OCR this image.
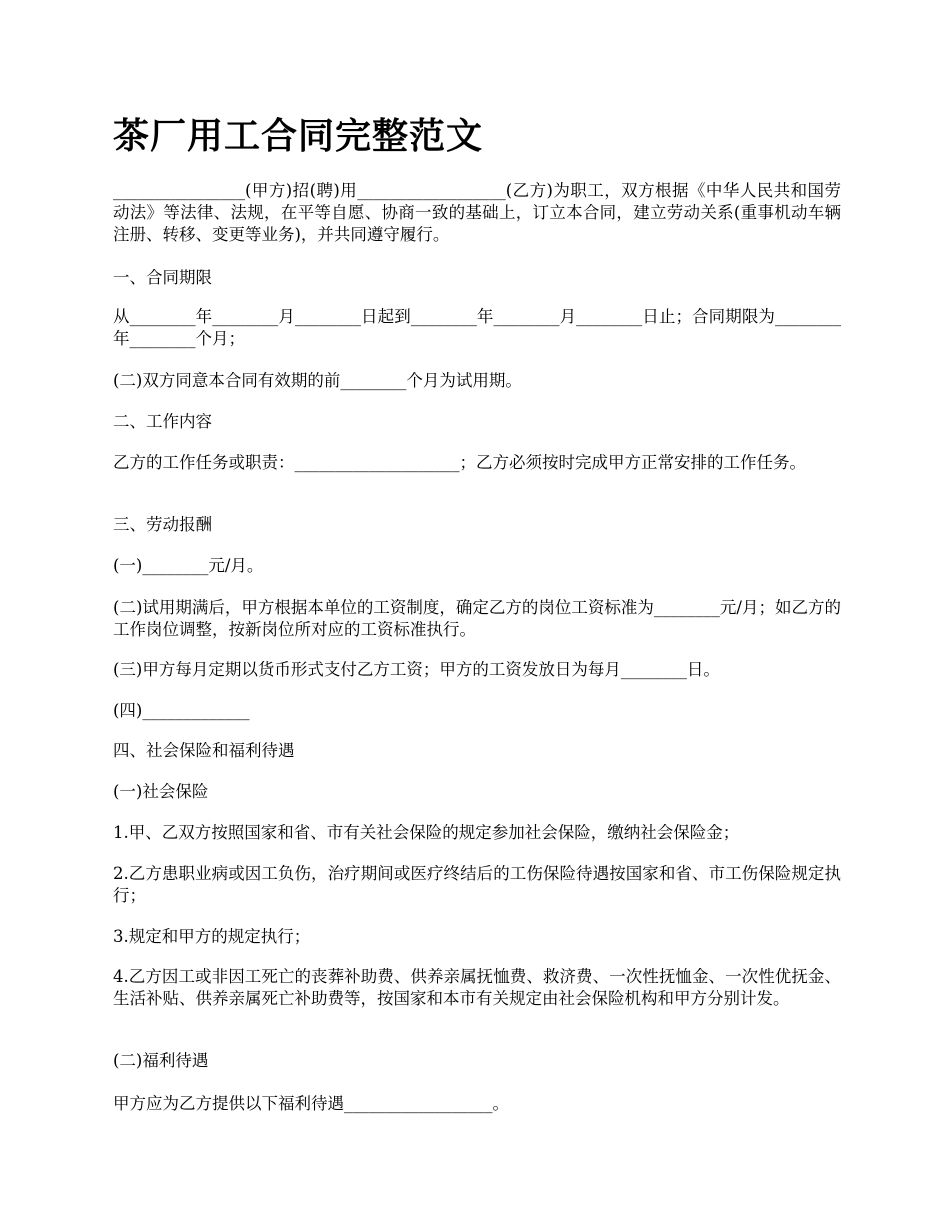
茶厂用工合同完整范文

________________(甲方)招(聘)用__________________(乙方)为职工，双方根据《中华人民共和国劳动法》等法律、法规，在平等自愿、协商一致的基础上，订立本合同，建立劳动关系(重事机动车辆注册、转移、变更等业务)，并共同遵守履行。

一、合同期限

从________年________月________日起到________年________月________日止；合同期限为________年________个月；

(二)双方同意本合同有效期的前________个月为试用期。

二、工作内容

乙方的工作任务或职责：____________________；乙方必须按时完成甲方正常安排的工作任务。

三、劳动报酬

(一)________元/月。

(二)试用期满后，甲方根据本单位的工资制度，确定乙方的岗位工资标准为________元/月；如乙方的工作岗位调整，按新岗位所对应的工资标准执行。

(三)甲方每月定期以货币形式支付乙方工资；甲方的工资发放日为每月________日。

(四)_____________

四、社会保险和福利待遇

(一)社会保险

1.甲、乙双方按照国家和省、市有关社会保险的规定参加社会保险，缴纳社会保险金；

2.乙方患职业病或因工负伤，治疗期间或医疗终结后的工伤保险待遇按国家和省、市工伤保险规定执行；

3.规定和甲方的规定执行；

4.乙方因工或非因工死亡的丧葬补助费、供养亲属抚恤费、救济费、一次性抚恤金、一次性优抚金、生活补贴、供养亲属死亡补助费等，按国家和本市有关规定由社会保险机构和甲方分别计发。

(二)福利待遇

甲方应为乙方提供以下福利待遇__________________。
